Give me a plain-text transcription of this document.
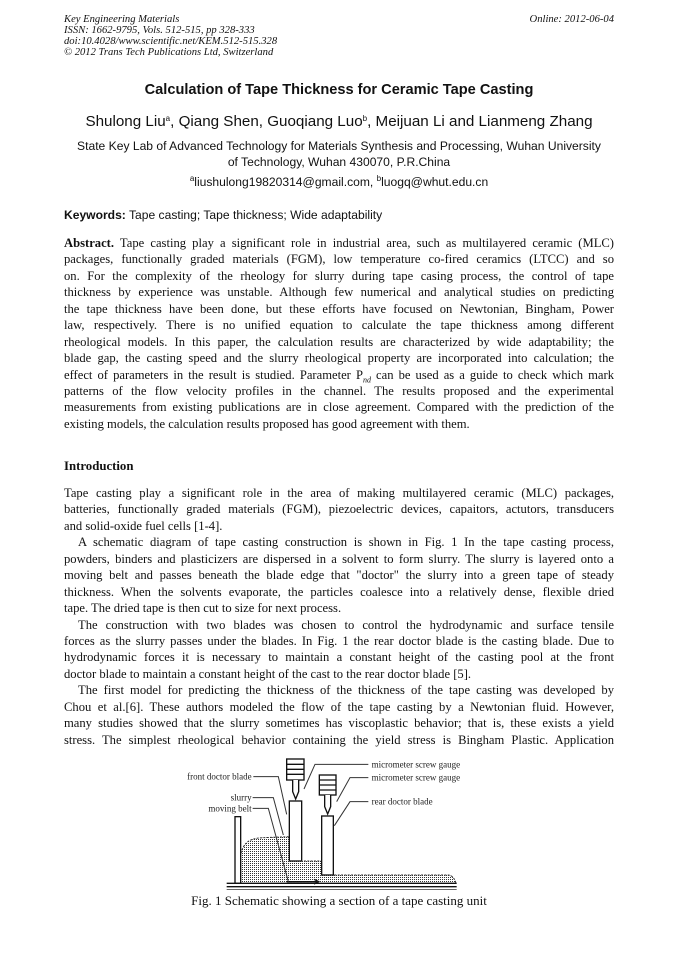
Key Engineering Materials
ISSN: 1662-9795, Vols. 512-515, pp 328-333
doi:10.4028/www.scientific.net/KEM.512-515.328
© 2012 Trans Tech Publications Ltd, Switzerland
Online: 2012-06-04
Calculation of Tape Thickness for Ceramic Tape Casting
Shulong Liu$^a$, Qiang Shen, Guoqiang Luo$^b$, Meijuan Li and Lianmeng Zhang
State Key Lab of Advanced Technology for Materials Synthesis and Processing, Wuhan University
of Technology, Wuhan 430070, P.R.China
$^a$liushulong19820314@gmail.com, $^b$luogq@whut.edu.cn
Keywords: Tape casting; Tape thickness; Wide adaptability
Abstract. Tape casting play a significant role in industrial area, such as multilayered ceramic (MLC)
packages, functionally graded materials (FGM), low temperature co-fired ceramics (LTCC) and so
on. For the complexity of the rheology for slurry during tape casing process, the control of tape
thickness by experience was unstable. Although few numerical and analytical studies on predicting
the tape thickness have been done, but these efforts have focused on Newtonian, Bingham, Power
law, respectively. There is no unified equation to calculate the tape thickness among different
rheological models. In this paper, the calculation results are characterized by wide adaptability; the
blade gap, the casting speed and the slurry rheological property are incorporated into calculation; the
effect of parameters in the result is studied. Parameter $P_{nd}$ can be used as a guide to check which mark
patterns of the flow velocity profiles in the channel. The results proposed and the experimental
measurements from existing publications are in close agreement. Compared with the prediction of the
existing models, the calculation results proposed has good agreement with them.
Introduction
Tape casting play a significant role in the area of making multilayered ceramic (MLC) packages,
batteries, functionally graded materials (FGM), piezoelectric devices, capaitors, actutors, transducers
and solid-oxide fuel cells [1-4].
A schematic diagram of tape casting construction is shown in Fig. 1 In the tape casting process,
powders, binders and plasticizers are dispersed in a solvent to form slurry. The slurry is layered onto a
moving belt and passes beneath the blade edge that "doctor" the slurry into a green tape of steady
thickness. When the solvents evaporate, the particles coalesce into a relatively dense, flexible dried
tape. The dried tape is then cut to size for next process.
The construction with two blades was chosen to control the hydrodynamic and surface tensile
forces as the slurry passes under the blades. In Fig. 1 the rear doctor blade is the casting blade. Due to
hydrodynamic forces it is necessary to maintain a constant height of the casting pool at the front
doctor blade to maintain a constant height of the cast to the rear doctor blade [5].
The first model for predicting the thickness of the thickness of the tape casting was developed by
Chou et al.[6]. These authors modeled the flow of the tape casting by a Newtonian fluid. However,
many studies showed that the slurry sometimes has viscoplastic behavior; that is, these exists a yield
stress. The simplest rheological behavior containing the yield stress is Bingham Plastic. Application
micrometer screw gauge
micrometer screw gauge
rear doctor blade
front doctor blade
slurry
moving belt
Fig. 1 Schematic showing a section of a tape casting unit
